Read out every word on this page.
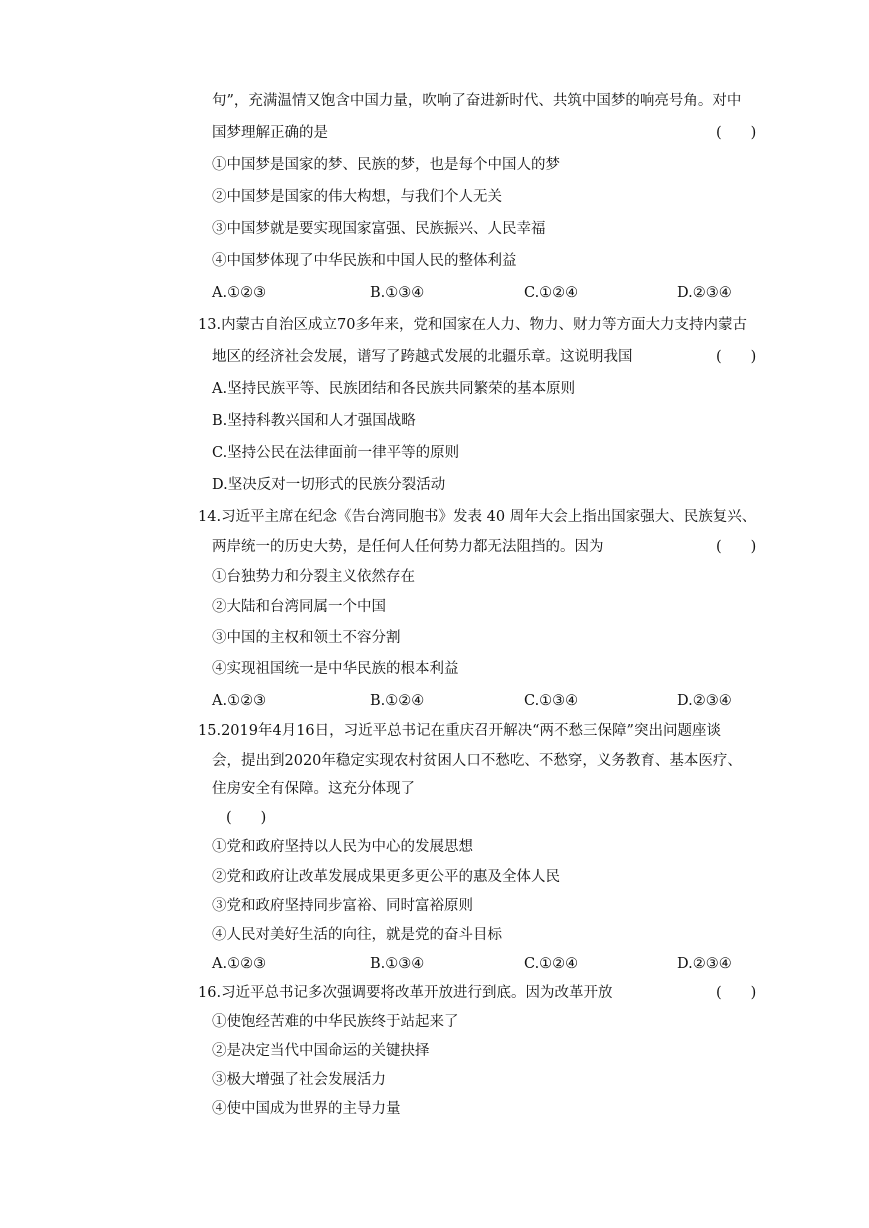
句”，充满温情又饱含中国力量，吹响了奋进新时代、共筑中国梦的响亮号角。对中
国梦理解正确的是	(　　)
①中国梦是国家的梦、民族的梦，也是每个中国人的梦
②中国梦是国家的伟大构想，与我们个人无关
③中国梦就是要实现国家富强、民族振兴、人民幸福
④中国梦体现了中华民族和中国人民的整体利益
A.①②③	B.①③④	C.①②④	D.②③④
13.内蒙古自治区成立70多年来，党和国家在人力、物力、财力等方面大力支持内蒙古
地区的经济社会发展，谱写了跨越式发展的北疆乐章。这说明我国	(　　)
A.坚持民族平等、民族团结和各民族共同繁荣的基本原则
B.坚持科教兴国和人才强国战略
C.坚持公民在法律面前一律平等的原则
D.坚决反对一切形式的民族分裂活动
14.习近平主席在纪念《告台湾同胞书》发表 40 周年大会上指出国家强大、民族复兴、
两岸统一的历史大势，是任何人任何势力都无法阻挡的。因为	(　　)
①台独势力和分裂主义依然存在
②大陆和台湾同属一个中国
③中国的主权和领土不容分割
④实现祖国统一是中华民族的根本利益
A.①②③	B.①②④	C.①③④	D.②③④
15.2019年4月16日，习近平总书记在重庆召开解决“两不愁三保障”突出问题座谈
会，提出到2020年稳定实现农村贫困人口不愁吃、不愁穿，义务教育、基本医疗、
住房安全有保障。这充分体现了
(　　)
①党和政府坚持以人民为中心的发展思想
②党和政府让改革发展成果更多更公平的惠及全体人民
③党和政府坚持同步富裕、同时富裕原则
④人民对美好生活的向往，就是党的奋斗目标
A.①②③	B.①③④	C.①②④	D.②③④
16.习近平总书记多次强调要将改革开放进行到底。因为改革开放	(　　)
①使饱经苦难的中华民族终于站起来了
②是决定当代中国命运的关键抉择
③极大增强了社会发展活力
④使中国成为世界的主导力量
